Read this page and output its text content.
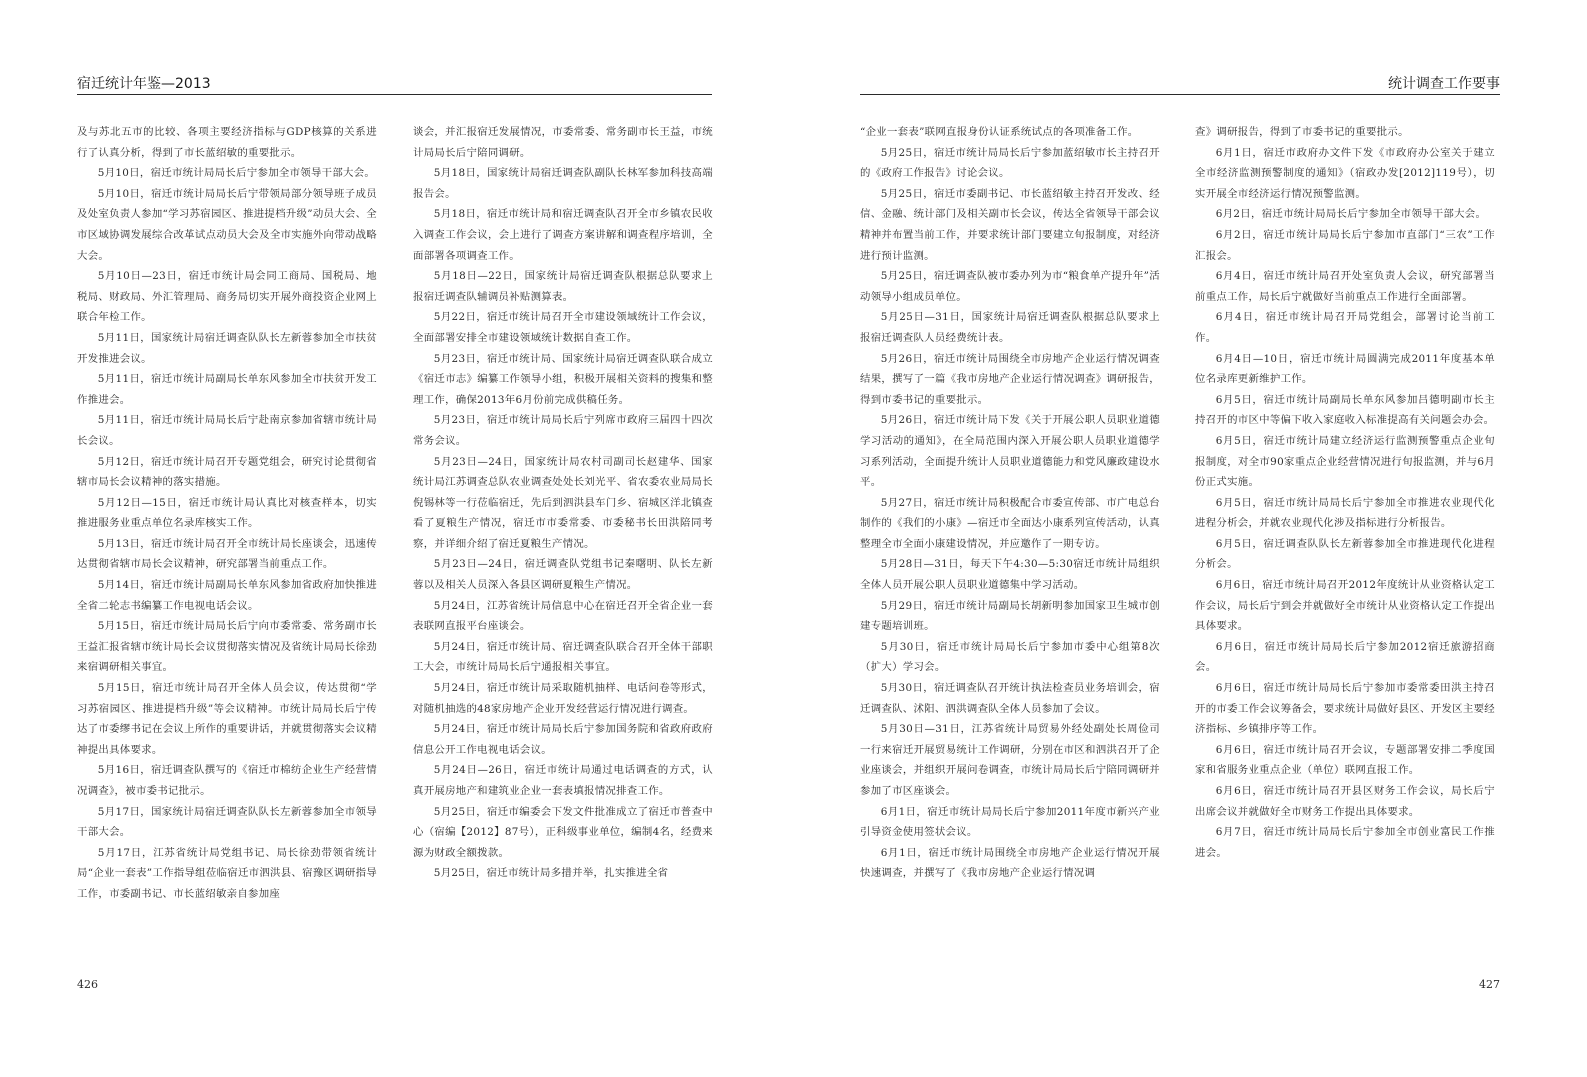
宿迁统计年鉴—2013

及与苏北五市的比较、各项主要经济指标与GDP核算的关系进行了认真分析，得到了市长蓝绍敏的重要批示。

5月10日，宿迁市统计局局长后宁参加全市领导干部大会。

5月10日，宿迁市统计局局长后宁带领局部分领导班子成员及处室负责人参加“学习苏宿园区、推进提档升级”动员大会、全市区域协调发展综合改革试点动员大会及全市实施外向带动战略大会。

5月10日—23日，宿迁市统计局会同工商局、国税局、地税局、财政局、外汇管理局、商务局切实开展外商投资企业网上联合年检工作。

5月11日，国家统计局宿迁调查队队长左新蓉参加全市扶贫开发推进会议。

5月11日，宿迁市统计局副局长单东风参加全市扶贫开发工作推进会。

5月11日，宿迁市统计局局长后宁赴南京参加省辖市统计局长会议。

5月12日，宿迁市统计局召开专题党组会，研究讨论贯彻省辖市局长会议精神的落实措施。

5月12日—15日，宿迁市统计局认真比对核查样本，切实推进服务业重点单位名录库核实工作。

5月13日，宿迁市统计局召开全市统计局长座谈会，迅速传达贯彻省辖市局长会议精神，研究部署当前重点工作。

5月14日，宿迁市统计局副局长单东风参加省政府加快推进全省二轮志书编纂工作电视电话会议。

5月15日，宿迁市统计局局长后宁向市委常委、常务副市长王益汇报省辖市统计局长会议贯彻落实情况及省统计局局长徐劲来宿调研相关事宜。

5月15日，宿迁市统计局召开全体人员会议，传达贯彻“学习苏宿园区、推进提档升级”等会议精神。市统计局局长后宁传达了市委缪书记在会议上所作的重要讲话，并就贯彻落实会议精神提出具体要求。

5月16日，宿迁调查队撰写的《宿迁市棉纺企业生产经营情况调查》，被市委书记批示。

5月17日，国家统计局宿迁调查队队长左新蓉参加全市领导干部大会。

5月17日，江苏省统计局党组书记、局长徐劲带领省统计局“企业一套表”工作指导组莅临宿迁市泗洪县、宿豫区调研指导工作，市委副书记、市长蓝绍敏亲自参加座

谈会，并汇报宿迁发展情况，市委常委、常务副市长王益，市统计局局长后宁陪同调研。

5月18日，国家统计局宿迁调查队副队长林军参加科技高端报告会。

5月18日，宿迁市统计局和宿迁调查队召开全市乡镇农民收入调查工作会议，会上进行了调查方案讲解和调查程序培训，全面部署各项调查工作。

5月18日—22日，国家统计局宿迁调查队根据总队要求上报宿迁调查队辅调员补贴测算表。

5月22日，宿迁市统计局召开全市建设领域统计工作会议，全面部署安排全市建设领域统计数据自查工作。

5月23日，宿迁市统计局、国家统计局宿迁调查队联合成立《宿迁市志》编纂工作领导小组，积极开展相关资料的搜集和整理工作，确保2013年6月份前完成供稿任务。

5月23日，宿迁市统计局局长后宁列席市政府三届四十四次常务会议。

5月23日—24日，国家统计局农村司副司长赵建华、国家统计局江苏调查总队农业调查处处长刘光平、省农委农业局局长倪锡林等一行莅临宿迁，先后到泗洪县车门乡、宿城区洋北镇查看了夏粮生产情况，宿迁市市委常委、市委秘书长田洪陪同考察，并详细介绍了宿迁夏粮生产情况。

5月23日—24日，宿迁调查队党组书记秦曙明、队长左新蓉以及相关人员深入各县区调研夏粮生产情况。

5月24日，江苏省统计局信息中心在宿迁召开全省企业一套表联网直报平台座谈会。

5月24日，宿迁市统计局、宿迁调查队联合召开全体干部职工大会，市统计局局长后宁通报相关事宜。

5月24日，宿迁市统计局采取随机抽样、电话问卷等形式，对随机抽选的48家房地产企业开发经营运行情况进行调查。

5月24日，宿迁市统计局局长后宁参加国务院和省政府政府信息公开工作电视电话会议。

5月24日—26日，宿迁市统计局通过电话调查的方式，认真开展房地产和建筑业企业一套表填报情况排查工作。

5月25日，宿迁市编委会下发文件批准成立了宿迁市普查中心（宿编【2012】87号），正科级事业单位，编制4名，经费来源为财政全额拨款。

5月25日，宿迁市统计局多措并举，扎实推进全省

426
统计调查工作要事

“企业一套表”联网直报身份认证系统试点的各项准备工作。

5月25日，宿迁市统计局局长后宁参加蓝绍敏市长主持召开的《政府工作报告》讨论会议。

5月25日，宿迁市委副书记、市长蓝绍敏主持召开发改、经信、金融、统计部门及相关副市长会议，传达全省领导干部会议精神并布置当前工作，并要求统计部门要建立旬报制度，对经济进行预计监测。

5月25日，宿迁调查队被市委办列为市“粮食单产提升年”活动领导小组成员单位。

5月25日—31日，国家统计局宿迁调查队根据总队要求上报宿迁调查队人员经费统计表。

5月26日，宿迁市统计局围绕全市房地产企业运行情况调查结果，撰写了一篇《我市房地产企业运行情况调查》调研报告，得到市委书记的重要批示。

5月26日，宿迁市统计局下发《关于开展公职人员职业道德学习活动的通知》，在全局范围内深入开展公职人员职业道德学习系列活动，全面提升统计人员职业道德能力和党风廉政建设水平。

5月27日，宿迁市统计局积极配合市委宣传部、市广电总台制作的《我们的小康》—宿迁市全面达小康系列宣传活动，认真整理全市全面小康建设情况，并应邀作了一期专访。

5月28日—31日，每天下午4:30—5:30宿迁市统计局组织全体人员开展公职人员职业道德集中学习活动。

5月29日，宿迁市统计局副局长胡新明参加国家卫生城市创建专题培训班。

5月30日，宿迁市统计局局长后宁参加市委中心组第8次（扩大）学习会。

5月30日，宿迁调查队召开统计执法检查员业务培训会，宿迁调查队、沭阳、泗洪调查队全体人员参加了会议。

5月30日—31日，江苏省统计局贸易外经处副处长周俭司一行来宿迁开展贸易统计工作调研，分别在市区和泗洪召开了企业座谈会，并组织开展问卷调查，市统计局局长后宁陪同调研并参加了市区座谈会。

6月1日，宿迁市统计局局长后宁参加2011年度市新兴产业引导资金使用签状会议。

6月1日，宿迁市统计局围绕全市房地产企业运行情况开展快速调查，并撰写了《我市房地产企业运行情况调

查》调研报告，得到了市委书记的重要批示。

6月1日，宿迁市政府办文件下发《市政府办公室关于建立全市经济监测预警制度的通知》（宿政办发[2012]119号），切实开展全市经济运行情况预警监测。

6月2日，宿迁市统计局局长后宁参加全市领导干部大会。

6月2日，宿迁市统计局局长后宁参加市直部门“三农”工作汇报会。

6月4日，宿迁市统计局召开处室负责人会议，研究部署当前重点工作，局长后宁就做好当前重点工作进行全面部署。

6月4日，宿迁市统计局召开局党组会，部署讨论当前工作。

6月4日—10日，宿迁市统计局圆满完成2011年度基本单位名录库更新维护工作。

6月5日，宿迁市统计局副局长单东风参加吕德明副市长主持召开的市区中等偏下收入家庭收入标准提高有关问题会办会。

6月5日，宿迁市统计局建立经济运行监测预警重点企业旬报制度，对全市90家重点企业经营情况进行旬报监测，并与6月份正式实施。

6月5日，宿迁市统计局局长后宁参加全市推进农业现代化进程分析会，并就农业现代化涉及指标进行分析报告。

6月5日，宿迁调查队队长左新蓉参加全市推进现代化进程分析会。

6月6日，宿迁市统计局召开2012年度统计从业资格认定工作会议，局长后宁到会并就做好全市统计从业资格认定工作提出具体要求。

6月6日，宿迁市统计局局长后宁参加2012宿迁旅游招商会。

6月6日，宿迁市统计局局长后宁参加市委常委田洪主持召开的市委工作会议筹备会，要求统计局做好县区、开发区主要经济指标、乡镇排序等工作。

6月6日，宿迁市统计局召开会议，专题部署安排二季度国家和省服务业重点企业（单位）联网直报工作。

6月6日，宿迁市统计局召开县区财务工作会议，局长后宁出席会议并就做好全市财务工作提出具体要求。

6月7日，宿迁市统计局局长后宁参加全市创业富民工作推进会。

427
